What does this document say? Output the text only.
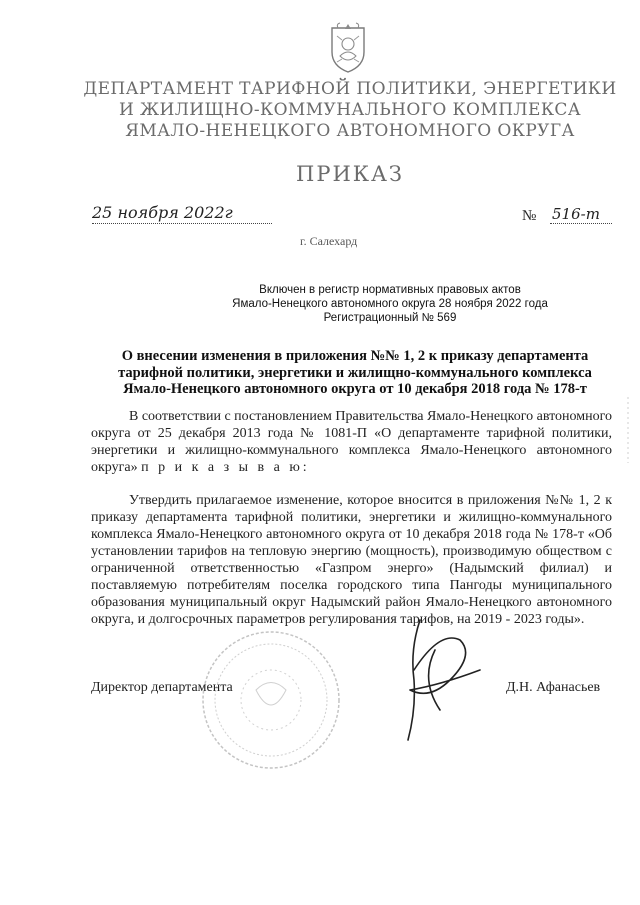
ДЕПАРТАМЕНТ ТАРИФНОЙ ПОЛИТИКИ, ЭНЕРГЕТИКИ
И ЖИЛИЩНО-КОММУНАЛЬНОГО КОМПЛЕКСА
ЯМАЛО-НЕНЕЦКОГО АВТОНОМНОГО ОКРУГА
ПРИКАЗ
25 ноября 2022г	№ 516-т
г. Салехард
Включен в регистр нормативных правовых актов
Ямало-Ненецкого автономного округа 28 ноября 2022 года
Регистрационный № 569
О внесении изменения в приложения №№ 1, 2 к приказу департамента
тарифной политики, энергетики и жилищно-коммунального комплекса
Ямало-Ненецкого автономного округа от 10 декабря 2018 года № 178-т
В соответствии с постановлением Правительства Ямало-Ненецкого автономного округа от 25 декабря 2013 года № 1081-П «О департаменте тарифной политики, энергетики и жилищно-коммунального комплекса Ямало-Ненецкого автономного округа» п р и к а з ы в а ю:
Утвердить прилагаемое изменение, которое вносится в приложения №№ 1, 2 к приказу департамента тарифной политики, энергетики и жилищно-коммунального комплекса Ямало-Ненецкого автономного округа от 10 декабря 2018 года № 178-т «Об установлении тарифов на тепловую энергию (мощность), производимую обществом с ограниченной ответственностью «Газпром энерго» (Надымский филиал) и поставляемую потребителям поселка городского типа Пангоды муниципального образования муниципальный округ Надымский район Ямало-Ненецкого автономного округа, и долгосрочных параметров регулирования тарифов, на 2019 - 2023 годы».
Директор департамента	Д.Н. Афанасьев
